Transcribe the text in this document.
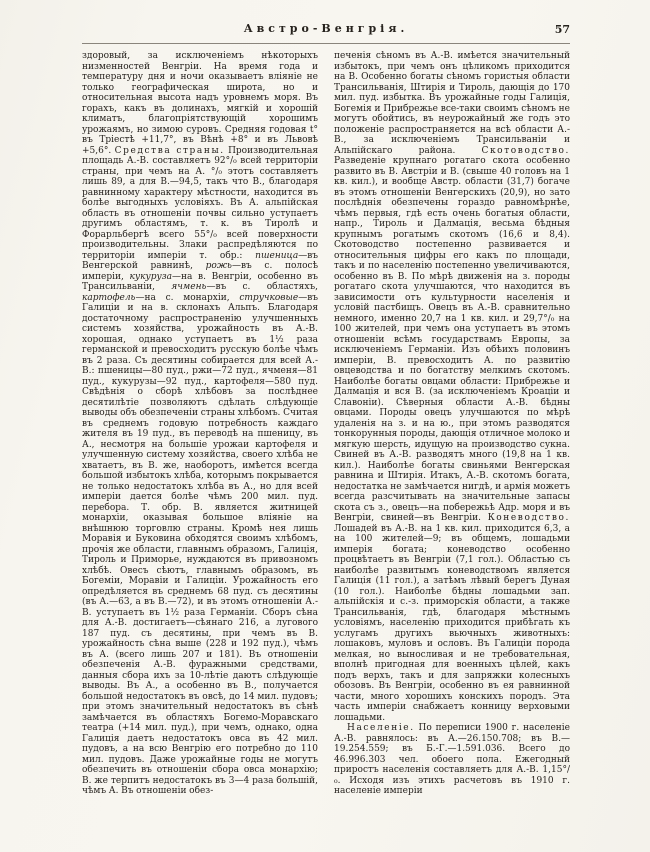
Австро-Венгрія.	57

здоровый, за исключеніемъ нѣкоторыхъ низменностей Венгріи. На время года и температуру дня и ночи оказываетъ вліяніе не только географическая широта, но и относительная высота надъ уровнемъ моря. Въ горахъ, какъ въ долинахъ, мягкій и хорошій климатъ, благопріятствующій хорошимъ урожаямъ, но зимою суровъ. Средняя годовая t° въ Тріестѣ +11,7°, въ Вѣнѣ +8° и въ Львовѣ +5,6°. Средства страны. Производительная площадь А.-В. составляетъ 92°/₀ всей территоріи страны, при чемъ на А. °/₀ этотъ составляетъ лишь 89, а для В.—94,5, такъ что В., благодаря равнинному характеру мѣстности, находится въ болѣе выгодныхъ условіяхъ. Въ А. альпійская область въ отношеніи почвы сильно уступаетъ другимъ областямъ, т. к. въ Тиролѣ и Форарльбергѣ всего 55°/₀ всей поверхности производительны. Злаки распредѣляются по территоріи имперіи т. обр.: пшеница—въ Венгерской равнинѣ, рожь—въ с. полосѣ имперіи, кукуруза—на в. Венгріи, особенно въ Трансильваніи, ячмень—въ с. областяхъ, картофель—на с. монархіи, стручковые—въ Галиціи и на в. склонахъ Альпъ. Благодаря достаточному распространенію улучшенныхъ системъ хозяйства, урожайность въ А.-В. хорошая, однако уступаетъ въ 1½ раза германской и превосходитъ русскую болѣе чѣмъ въ 2 раза. Съ десятины собирается для всей А.-В.: пшеницы—80 пуд., ржи—72 пуд., ячменя—81 пуд., кукурузы—92 пуд., картофеля—580 пуд. Свѣдѣнія о сборѣ хлѣбовъ за послѣднее десятилѣтіе позволяютъ сдѣлать слѣдующіе выводы объ обезпеченіи страны хлѣбомъ. Считая въ среднемъ годовую потребность каждаго жителя въ 19 пуд., въ переводѣ на пшеницу, въ А., несмотря на большіе урожаи картофеля и улучшенную систему хозяйства, своего хлѣба не хватаетъ, въ В. же, наоборотъ, имѣется всегда большой избытокъ хлѣба, которымъ покрывается не только недостатокъ хлѣба въ А., но для всей имперіи дается болѣе чѣмъ 200 мил. пуд. перебора. Т. обр. В. является житницей монархіи, оказывая большое вліяніе на внѣшнюю торговлю страны. Кромѣ нея лишь Моравія и Буковина обходятся своимъ хлѣбомъ, прочія же области, главнымъ образомъ, Галиція, Тироль и Приморье, нуждаются въ привозномъ хлѣбѣ. Овесъ сѣютъ, главнымъ образомъ, въ Богеміи, Моравіи и Галиціи. Урожайность его опредѣляется въ среднемъ 68 пуд. съ десятины (въ А.—63, а въ В.—72), и въ этомъ отношеніи А.-В. уступаетъ въ 1½ раза Германіи. Сборъ сѣна для А.-В. достигаетъ—сѣянаго 216, а лугового 187 пуд. съ десятины, при чемъ въ В. урожайность сѣна выше (228 и 192 пуд.), чѣмъ въ А. (всего лишь 207 и 181). Въ отношеніи обезпеченія А.-В. фуражными средствами, данныя сбора ихъ за 10-лѣтіе даютъ слѣдующіе выводы. Въ А., а особенно въ В., получается большой недостатокъ въ овсѣ, до 14 мил. пудовъ; при этомъ значительный недостатокъ въ сѣнѣ замѣчается въ областяхъ Богемо-Моравскаго театра (+14 мил. пуд.), при чемъ, однако, одна Галиція даетъ недостатокъ овса въ 42 мил. пудовъ, а на всю Венгрію его потребно до 110 мил. пудовъ. Даже урожайные годы не могутъ обезпечить въ отношеніи сбора овса монархію; В. же терпитъ недостатокъ въ 3—4 раза большій, чѣмъ А. Въ отношеніи обез-

печенія сѣномъ въ А.-В. имѣется значительный избытокъ, при чемъ онъ цѣликомъ приходится на В. Особенно богаты сѣномъ гористыя области Трансильванія, Штирія и Тироль, дающія до 170 мил. пуд. избытка. Въ урожайные годы Галиція, Богемія и Прибрежье все-таки своимъ сѣномъ не могутъ обойтись, въ неурожайный же годъ это положеніе распространяется на всѣ области А.-В., за исключеніемъ Трансильваніи и Альпійскаго района. Скотоводство. Разведеніе крупнаго рогатаго скота особенно развито въ В. Австріи и В. (свыше 40 головъ на 1 кв. кил.), и вообще Австр. области (31,7) богаче въ этомъ отношеніи Венгерскихъ (20,9), но зато послѣднія обезпечены гораздо равномѣрнѣе, чѣмъ первыя, гдѣ есть очень богатыя области, напр., Тироль и Далмація, весьма бѣдныя крупнымъ рогатымъ скотомъ (16,6 и 8,4). Скотоводство постепенно развивается и относительныя цифры его какъ по площади, такъ и по населенію постепенно увеличиваются, особенно въ В. По мѣрѣ движенія на з. породы рогатаго скота улучшаются, что находится въ зависимости отъ культурности населенія и условій пастбищъ. Овецъ въ А.-В. сравнительно немного, именно 20,7 на 1 кв. кил. и 29,7°/₀ на 100 жителей, при чемъ она уступаетъ въ этомъ отношеніи всѣмъ государствамъ Европы, за исключеніемъ Германіи. Изъ обѣихъ половинъ имперіи, В. превосходитъ А. по развитію овцеводства и по богатству мелкимъ скотомъ. Наиболѣе богаты овцами области: Прибрежье и Далмація и вся В. (за исключеніемъ Кроаціи и Славоніи). Сѣверныя области А.-В. бѣдны овцами. Породы овецъ улучшаются по мѣрѣ удаленія на з. и на ю., при этомъ разводятся тонкорунныя породы, дающія отличное молоко и мягкую шерсть, идущую на производство сукна. Свиней въ А.-В. разводятъ много (19,8 на 1 кв. кил.). Наиболѣе богаты свиньями Венгерская равнина и Штирія. Итакъ, А.-В. скотомъ богата, недостатка не замѣчается нигдѣ, и армія можетъ всегда разсчитывать на значительные запасы скота съ з., овецъ—на побережьѣ Адр. моря и въ Венгріи, свиней—въ Венгріи. Коневодство. Лошадей въ А.-В. на 1 кв. кил. приходится 6,3, а на 100 жителей—9; въ общемъ, лошадьми имперія богата; коневодство особенно процвѣтаетъ въ Венгріи (7,1 гол.). Областью съ наиболѣе развитымъ коневодствомъ является Галиція (11 гол.), а затѣмъ лѣвый берегъ Дуная (10 гол.). Наиболѣе бѣдны лошадьми зап. альпійскія и с.-з. приморскія области, а также Трансильванія, гдѣ, благодаря мѣстнымъ условіямъ, населенію приходится прибѣгать къ услугамъ другихъ вьючныхъ животныхъ: лошаковъ, муловъ и ословъ. Въ Галиціи порода мелкая, но выносливая и не требовательная, вполнѣ пригодная для военныхъ цѣлей, какъ подъ верхъ, такъ и для запряжки колесныхъ обозовъ. Въ Венгріи, особенно въ ея равнинной части, много хорошихъ конскихъ породъ. Эта часть имперіи снабжаетъ конницу верховыми лошадьми.

Населеніе. По переписи 1900 г. населеніе А.-В. равнялось: въ А.—26.150.708; въ В.—19.254.559; въ Б.-Г.—1.591.036. Всего до 46.996.303 чел. обоего пола. Ежегодный приростъ населенія составляетъ для А.-В. 1,15°/₀. Исходя изъ этихъ расчетовъ въ 1910 г. населеніе имперіи
